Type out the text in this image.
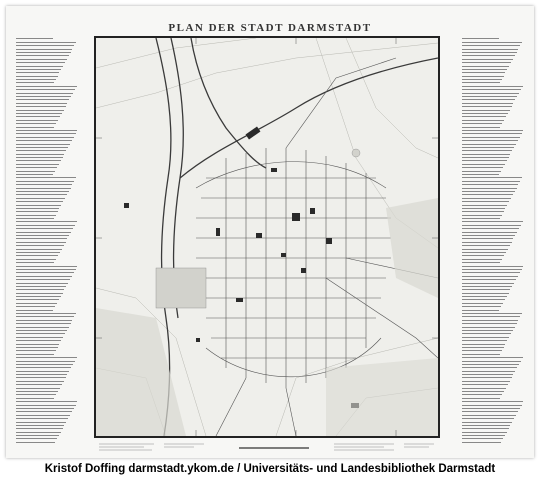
PLAN DER STADT DARMSTADT
Kristof Doffing darmstadt.ykom.de / Universitäts- und Landesbibliothek Darmstadt
